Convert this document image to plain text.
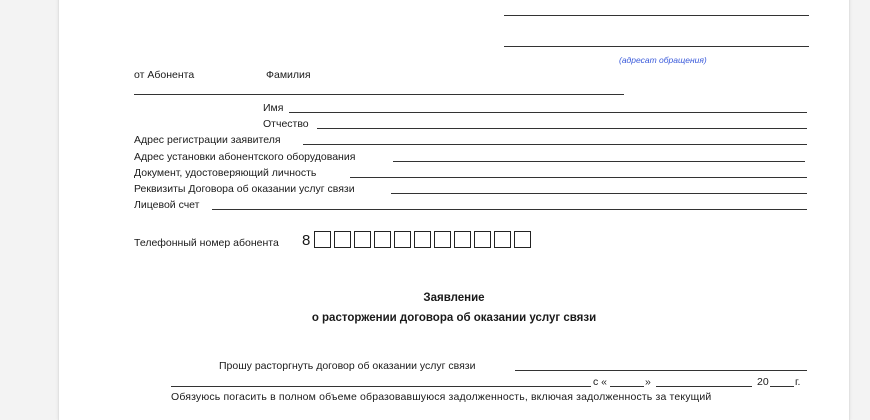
(адресат обращения)
от Абонента	Фамилия
Имя
Отчество
Адрес регистрации заявителя
Адрес установки абонентского оборудования
Документ, удостоверяющий личность
Реквизиты Договора об оказании услуг связи
Лицевой счет
Телефонный номер абонента 8
Заявление
о расторжении договора об оказании услуг связи
Прошу расторгнуть договор об оказании услуг связи
с «	»	20	г.
Обязуюсь погасить в полном объеме образовавшуюся задолженность, включая задолженность за текущий
